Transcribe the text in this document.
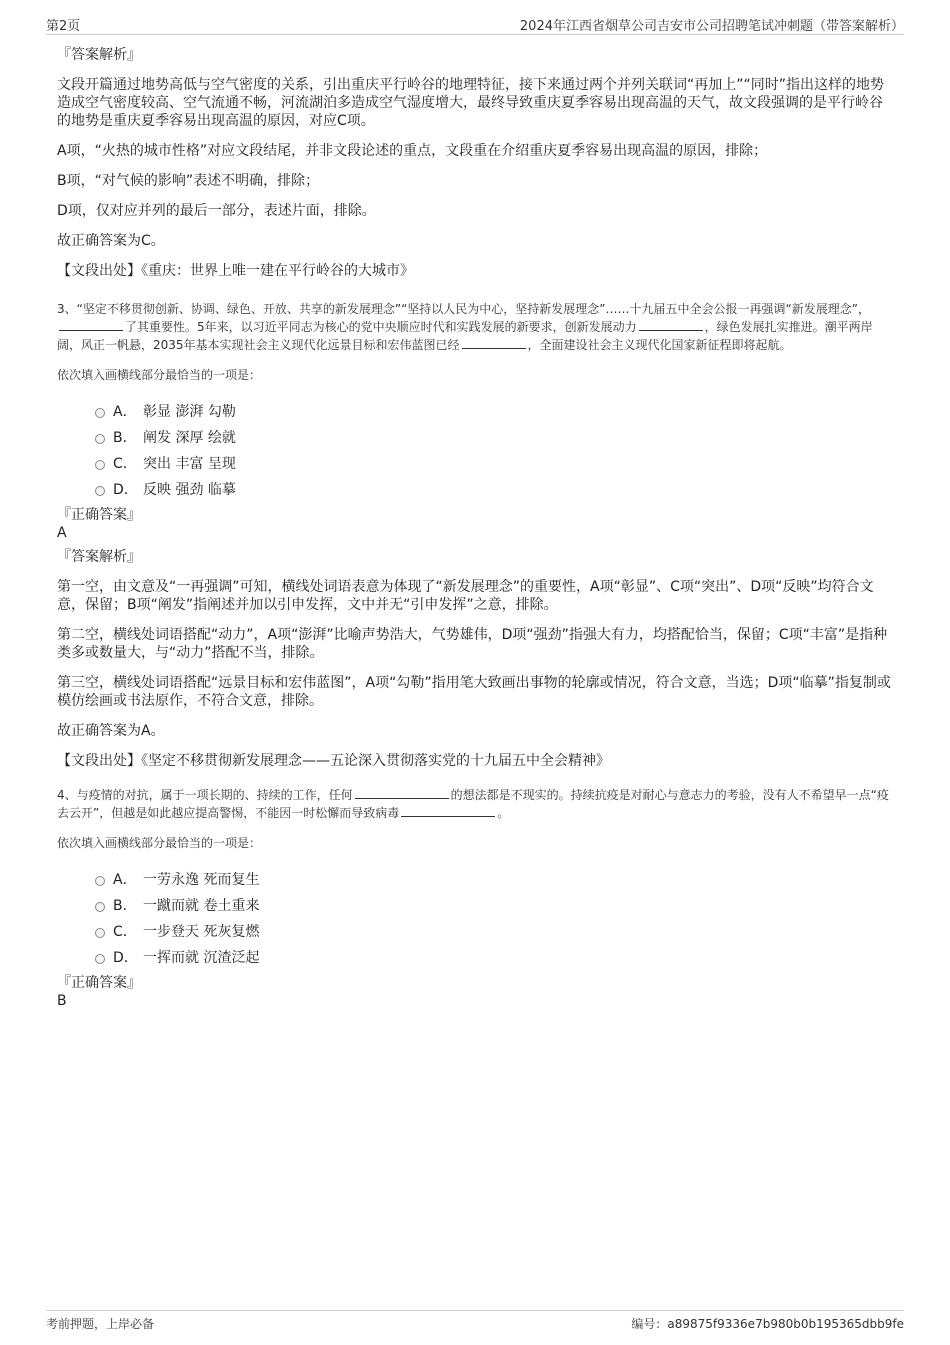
第2页	2024年江西省烟草公司吉安市公司招聘笔试冲刺题（带答案解析）

『答案解析』

文段开篇通过地势高低与空气密度的关系，引出重庆平行岭谷的地理特征，接下来通过两个并列关联词“再加上”“同时”指出这样的地势造成空气密度较高、空气流通不畅，河流湖泊多造成空气湿度增大，最终导致重庆夏季容易出现高温的天气，故文段强调的是平行岭谷的地势是重庆夏季容易出现高温的原因，对应C项。

A项，“火热的城市性格”对应文段结尾，并非文段论述的重点，文段重在介绍重庆夏季容易出现高温的原因，排除；

B项，“对气候的影响”表述不明确，排除；

D项，仅对应并列的最后一部分，表述片面，排除。

故正确答案为C。

【文段出处】《重庆：世界上唯一建在平行岭谷的大城市》

3、“坚定不移贯彻创新、协调、绿色、开放、共享的新发展理念”“坚持以人民为中心，坚持新发展理念”……十九届五中全会公报一再强调“新发展理念”，了其重要性。5年来，以习近平同志为核心的党中央顺应时代和实践发展的新要求，创新发展动力	，绿色发展扎实推进。潮平两岸阔，风正一帆悬，2035年基本实现社会主义现代化远景目标和宏伟蓝图已经	，全面建设社会主义现代化国家新征程即将起航。

依次填入画横线部分最恰当的一项是：

A． 彰显 澎湃 勾勒
B． 阐发 深厚 绘就
C． 突出 丰富 呈现
D． 反映 强劲 临摹

『正确答案』

A

『答案解析』

第一空，由文意及“一再强调”可知，横线处词语表意为体现了“新发展理念”的重要性，A项“彰显”、C项“突出”、D项“反映”均符合文意，保留；B项“阐发”指阐述并加以引申发挥，文中并无“引申发挥”之意，排除。

第二空，横线处词语搭配“动力”，A项“澎湃”比喻声势浩大，气势雄伟，D项“强劲”指强大有力，均搭配恰当，保留；C项“丰富”是指种类多或数量大，与“动力”搭配不当，排除。

第三空，横线处词语搭配“远景目标和宏伟蓝图”，A项“勾勒”指用笔大致画出事物的轮廓或情况，符合文意，当选；D项“临摹”指复制或模仿绘画或书法原作，不符合文意，排除。

故正确答案为A。

【文段出处】《坚定不移贯彻新发展理念——五论深入贯彻落实党的十九届五中全会精神》

4、与疫情的对抗，属于一项长期的、持续的工作，任何	的想法都是不现实的。持续抗疫是对耐心与意志力的考验，没有人不希望早一点“疫去云开”，但越是如此越应提高警惕，不能因一时松懈而导致病毒	。

依次填入画横线部分最恰当的一项是：

A． 一劳永逸 死而复生
B． 一蹴而就 卷土重来
C． 一步登天 死灰复燃
D． 一挥而就 沉渣泛起

『正确答案』

B

考前押题，上岸必备	编号：a89875f9336e7b980b0b195365dbb9fe
